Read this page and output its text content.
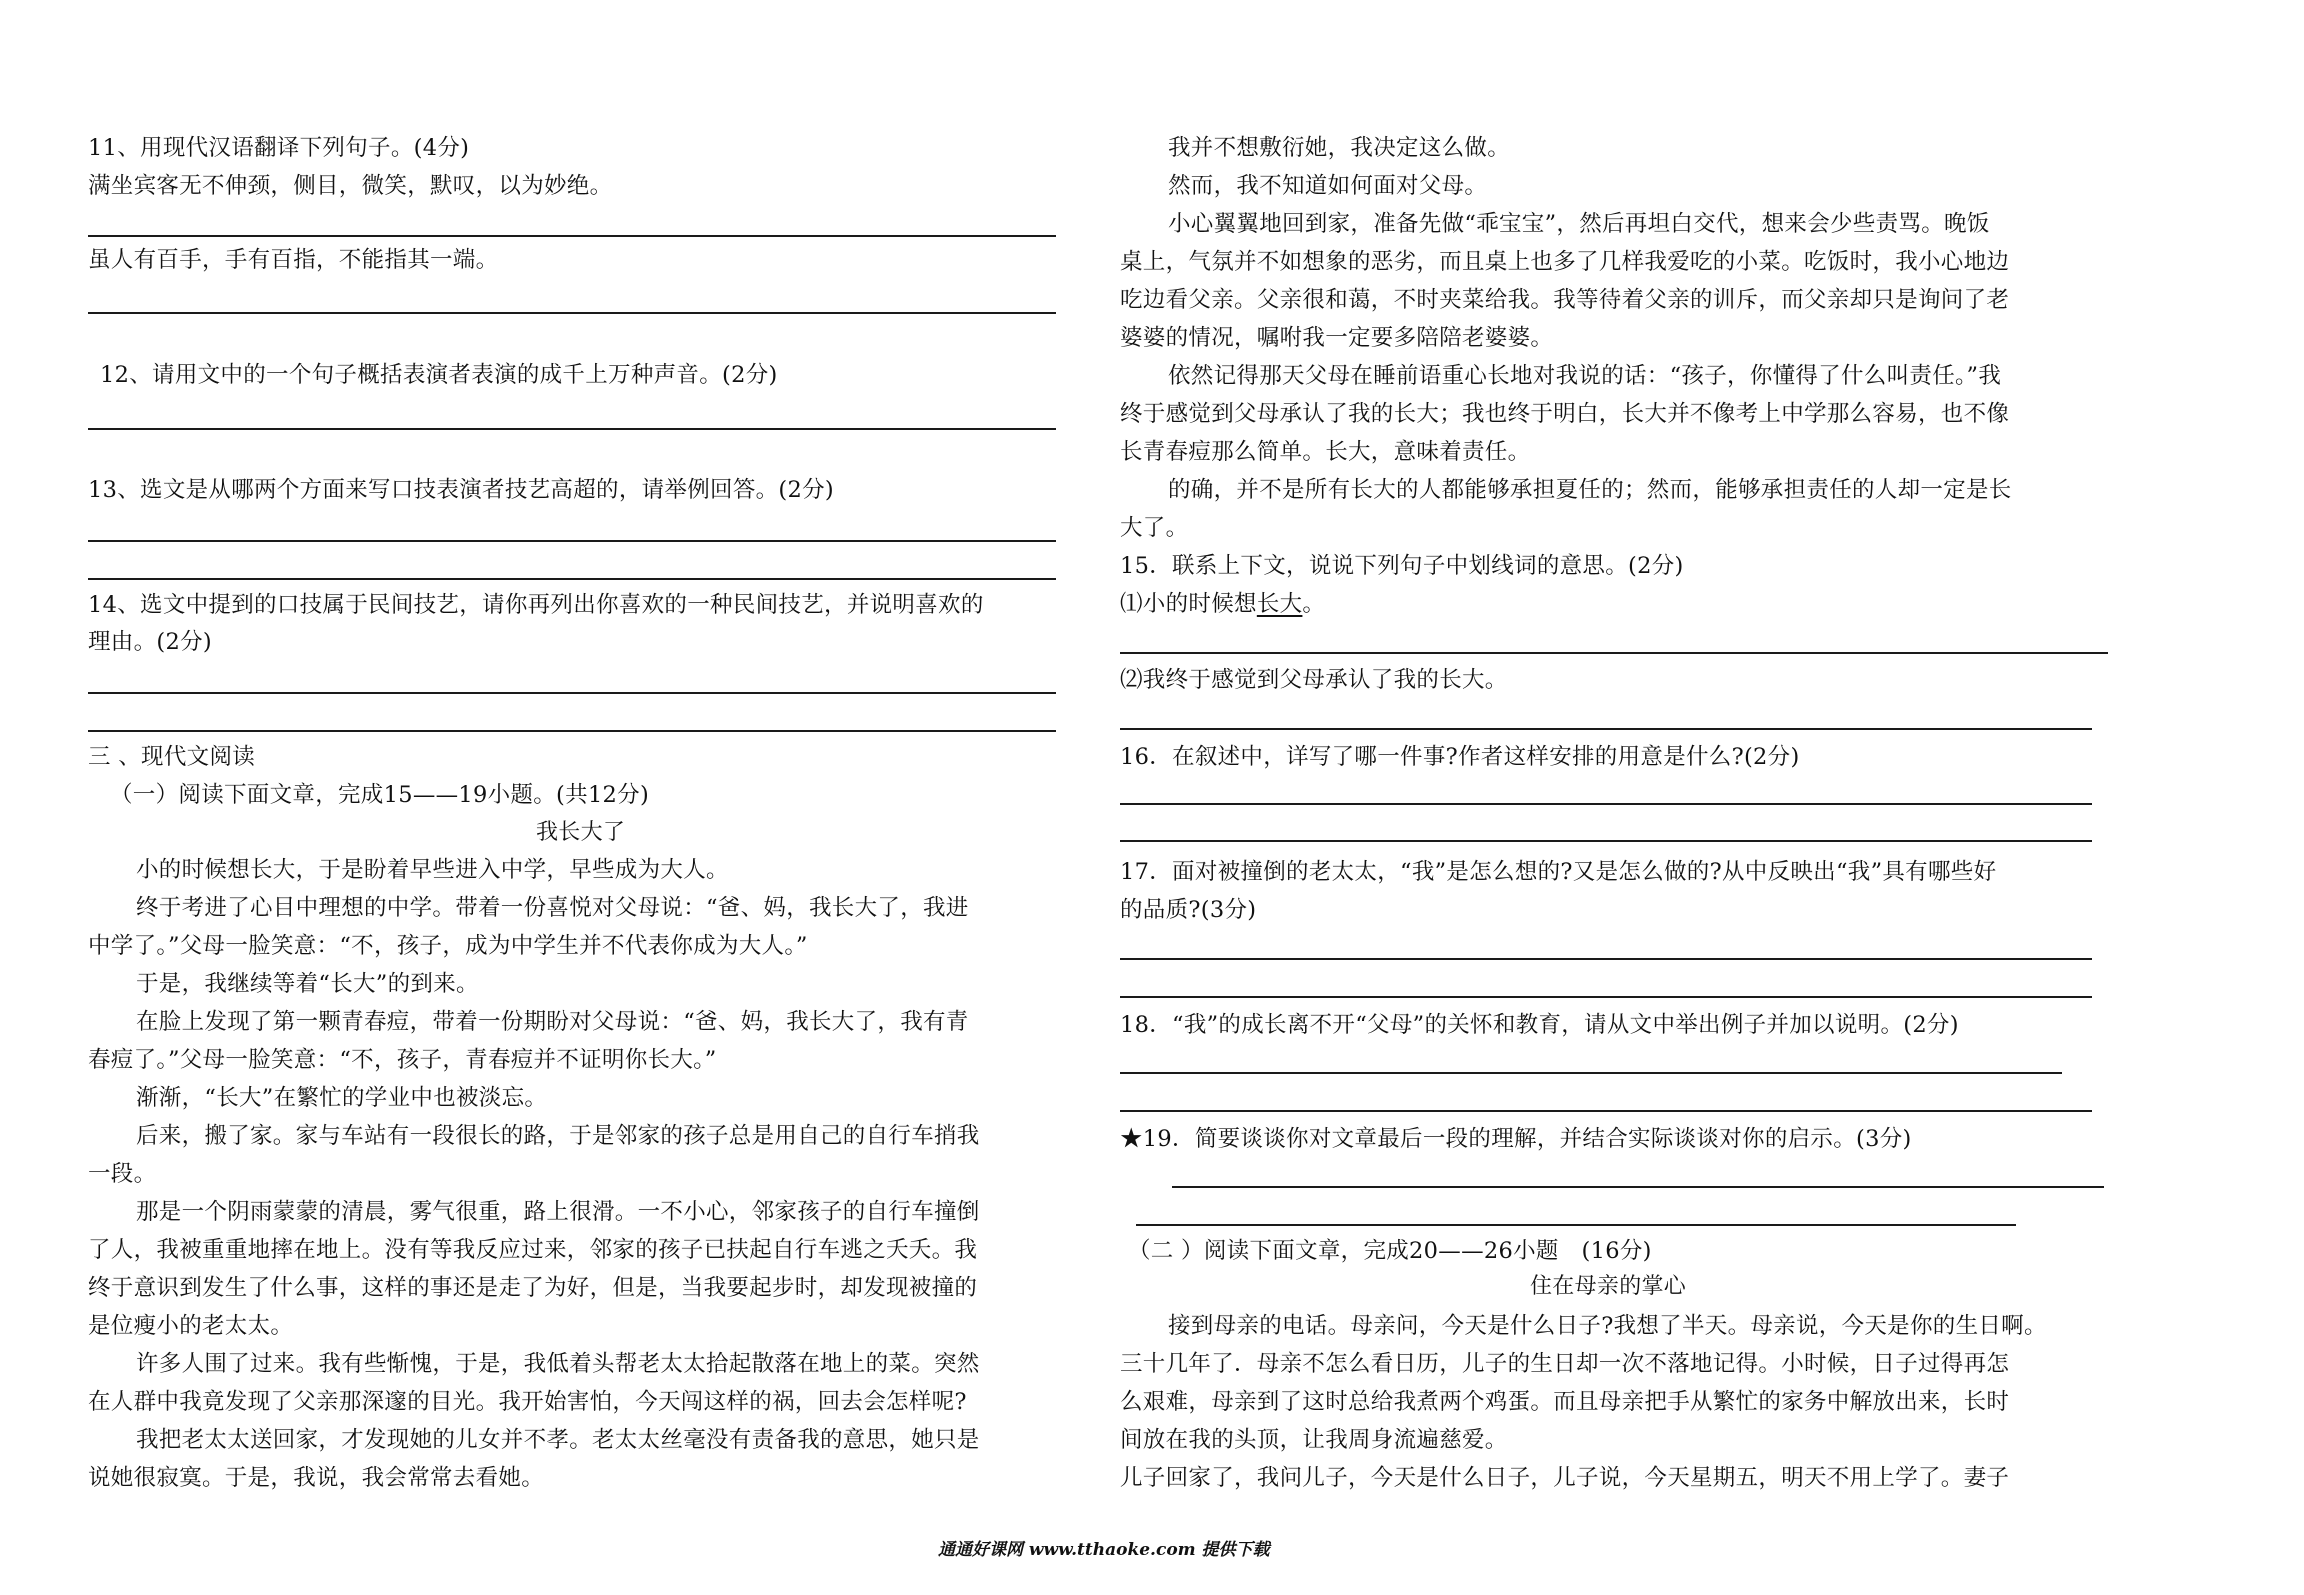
11、用现代汉语翻译下列句子。(4分)
满坐宾客无不伸颈，侧目，微笑，默叹，以为妙绝。
虽人有百手，手有百指，不能指其一端。
12、请用文中的一个句子概括表演者表演的成千上万种声音。(2分)
13、选文是从哪两个方面来写口技表演者技艺高超的，请举例回答。(2分)
14、选文中提到的口技属于民间技艺，请你再列出你喜欢的一种民间技艺，并说明喜欢的
理由。(2分)
三 、现代文阅读
（一）阅读下面文章，完成15——19小题。(共12分)
我长大了
小的时候想长大，于是盼着早些进入中学，早些成为大人。
终于考进了心目中理想的中学。带着一份喜悦对父母说：“爸、妈，我长大了，我进
中学了。”父母一脸笑意：“不，孩子，成为中学生并不代表你成为大人。”
于是，我继续等着“长大”的到来。
在脸上发现了第一颗青春痘，带着一份期盼对父母说：“爸、妈，我长大了，我有青
春痘了。”父母一脸笑意：“不，孩子，青春痘并不证明你长大。”
渐渐，“长大”在繁忙的学业中也被淡忘。
后来，搬了家。家与车站有一段很长的路，于是邻家的孩子总是用自己的自行车捎我
一段。
那是一个阴雨蒙蒙的清晨，雾气很重，路上很滑。一不小心，邻家孩子的自行车撞倒
了人，我被重重地摔在地上。没有等我反应过来，邻家的孩子已扶起自行车逃之夭夭。我
终于意识到发生了什么事，这样的事还是走了为好，但是，当我要起步时，却发现被撞的
是位瘦小的老太太。
许多人围了过来。我有些惭愧，于是，我低着头帮老太太拾起散落在地上的菜。突然
在人群中我竟发现了父亲那深邃的目光。我开始害怕，今天闯这样的祸，回去会怎样呢?
我把老太太送回家，才发现她的儿女并不孝。老太太丝毫没有责备我的意思，她只是
说她很寂寞。于是，我说，我会常常去看她。
我并不想敷衍她，我决定这么做。
然而，我不知道如何面对父母。
小心翼翼地回到家，准备先做“乖宝宝”，然后再坦白交代，想来会少些责骂。晚饭
桌上，气氛并不如想象的恶劣，而且桌上也多了几样我爱吃的小菜。吃饭时，我小心地边
吃边看父亲。父亲很和蔼，不时夹菜给我。我等待着父亲的训斥，而父亲却只是询问了老
婆婆的情况，嘱咐我一定要多陪陪老婆婆。
依然记得那天父母在睡前语重心长地对我说的话：“孩子，你懂得了什么叫责任。”我
终于感觉到父母承认了我的长大；我也终于明白，长大并不像考上中学那么容易，也不像
长青春痘那么简单。长大，意味着责任。
的确，并不是所有长大的人都能够承担夏任的；然而，能够承担责任的人却一定是长
大了。
15．联系上下文，说说下列句子中划线词的意思。(2分)
⑴小的时候想长大。
⑵我终于感觉到父母承认了我的长大。
16．在叙述中，详写了哪一件事?作者这样安排的用意是什么?(2分)
17．面对被撞倒的老太太，“我”是怎么想的?又是怎么做的?从中反映出“我”具有哪些好
的品质?(3分)
18．“我”的成长离不开“父母”的关怀和教育，请从文中举出例子并加以说明。(2分)
★19．简要谈谈你对文章最后一段的理解，并结合实际谈谈对你的启示。(3分)
（二 ）阅读下面文章，完成20——26小题　(16分)
住在母亲的掌心
接到母亲的电话。母亲问，今天是什么日子?我想了半天。母亲说，今天是你的生日啊。
三十几年了．母亲不怎么看日历，儿子的生日却一次不落地记得。小时候，日子过得再怎
么艰难，母亲到了这时总给我煮两个鸡蛋。而且母亲把手从繁忙的家务中解放出来，长时
间放在我的头顶，让我周身流遍慈爱。
儿子回家了，我问儿子，今天是什么日子，儿子说，今天星期五，明天不用上学了。妻子
通通好课网 www.tthaoke.com 提供下载
